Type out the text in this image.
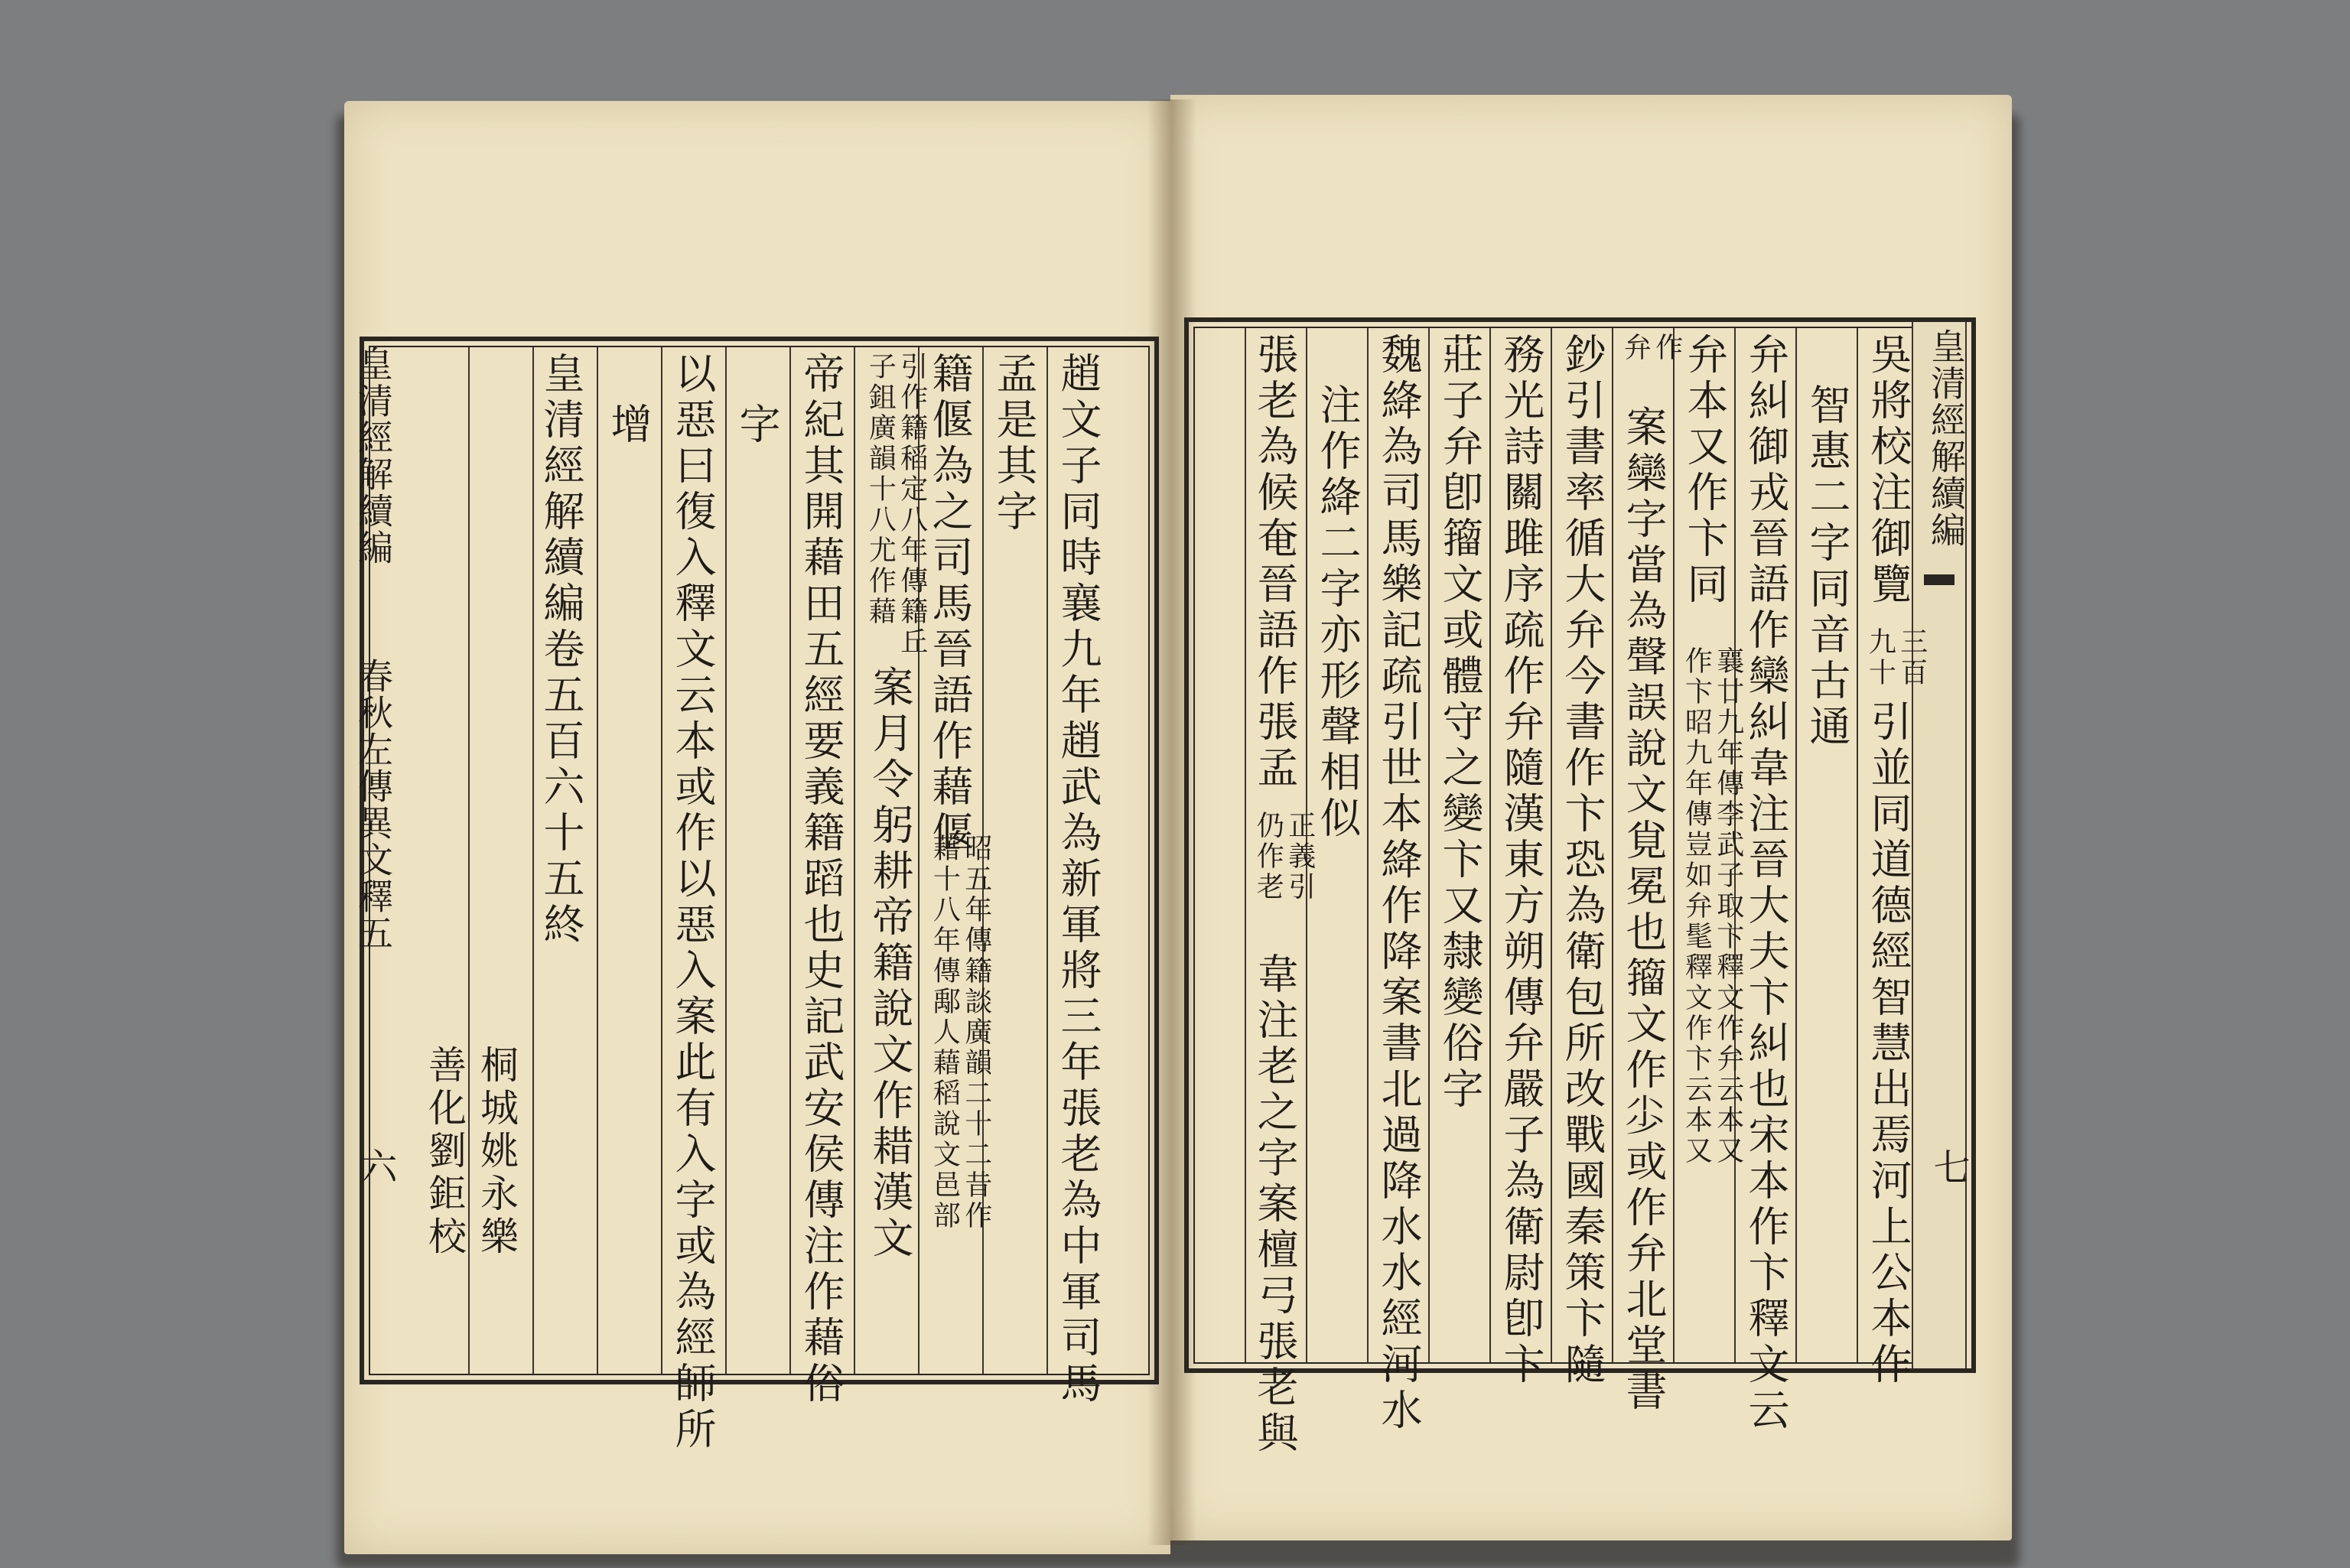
趙文子同時襄九年趙武為新軍將三年張老為中軍司馬
孟是其字
籍偃為之司馬晉語作藉偃
昭五年傳籍談廣韻二十二昔作
藉十八年傳鄅人藉稻說文邑部
引作籍稻定八年傳籍丘
子鉏廣韻十八尤作藉
案月令躬耕帝籍說文作耤漢文
帝紀其開藉田五經要義籍蹈也史記武安侯傳注作藉俗
字
以惡曰復入釋文云本或作以惡入案此有入字或為經師所
增
皇清經解續編卷五百六十五終
桐城姚永樂
善化劉鉅校
皇清經解續編
春秋左傳異文釋五
六
皇清經解續編
七
吳將校注御覽
三百
九十
引並同道德經智慧出焉河上公本作
智惠二字同音古通
弁糾御戎晉語作欒糾韋注晉大夫卞糾也宋本作卞釋文云
弁本又作卞同
襄廿九年傳李武子取卞釋文作弁云本又
作卞昭九年傳豈如弁髦釋文作卞云本又
作
弁
案欒字當為聲誤說文覍冕也籀文作𡭣或作弁北堂書
鈔引書率循大弁今書作卞恐為衛包所改戰國秦策卞隨
務光詩關雎序疏作弁隨漢東方朔傳弁嚴子為衛尉卽卞
莊子弁卽籀文或體守之變卞又隸變俗字
魏絳為司馬樂記疏引世本絳作降案書北過降水水經河水
注作絳二字亦形聲相似
張老為候奄晉語作張孟
正義引
仍作老
韋注老之字案檀弓張老與
